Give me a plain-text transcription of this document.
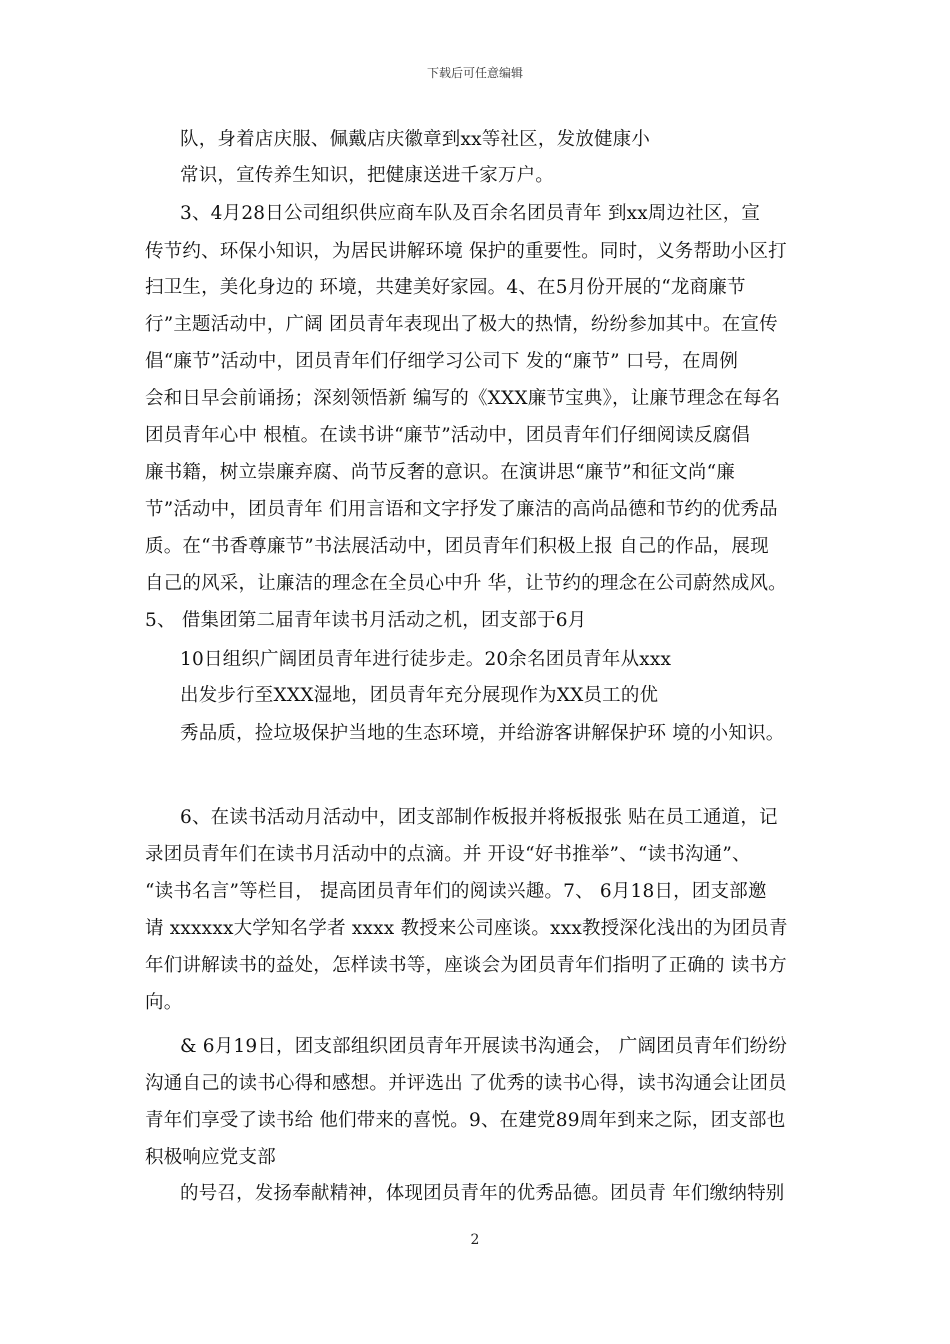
下载后可任意编辑
队，身着店庆服、佩戴店庆徽章到xx等社区，发放健康小
常识，宣传养生知识，把健康送进千家万户。
3、4月28日公司组织供应商车队及百余名团员青年 到xx周边社区，宣
传节约、环保小知识，为居民讲解环境 保护的重要性。同时，义务帮助小区打
扫卫生，美化身边的 环境，共建美好家园。4、在5月份开展的“龙商廉节
行”主题活动中，广阔 团员青年表现出了极大的热情，纷纷参加其中。在宣传
倡“廉节”活动中，团员青年们仔细学习公司下 发的“廉节” 口号，在周例
会和日早会前诵扬；深刻领悟新 编写的《XXX廉节宝典》，让廉节理念在每名
团员青年心中 根植。在读书讲“廉节”活动中，团员青年们仔细阅读反腐倡
廉书籍，树立崇廉弃腐、尚节反奢的意识。在演讲思“廉节”和征文尚“廉
节”活动中，团员青年 们用言语和文字抒发了廉洁的高尚品德和节约的优秀品
质。在“书香尊廉节”书法展活动中，团员青年们积极上报 自己的作品，展现
自己的风采，让廉洁的理念在全员心中升 华，让节约的理念在公司蔚然成风。
5、 借集团第二届青年读书月活动之机，团支部于6月
10日组织广阔团员青年进行徒步走。20余名团员青年从xxx
出发步行至XXX湿地，团员青年充分展现作为XX员工的优
秀品质，捡垃圾保护当地的生态环境，并给游客讲解保护环 境的小知识。
6、在读书活动月活动中，团支部制作板报并将板报张 贴在员工通道，记
录团员青年们在读书月活动中的点滴。并 开设“好书推举”、“读书沟通”、
“读书名言”等栏目， 提高团员青年们的阅读兴趣。7、 6月18日，团支部邀
请 xxxxxx大学知名学者 xxxx 教授来公司座谈。xxx教授深化浅出的为团员青
年们讲解读书的益处，怎样读书等，座谈会为团员青年们指明了正确的 读书方
向。
& 6月19日，团支部组织团员青年开展读书沟通会， 广阔团员青年们纷纷
沟通自己的读书心得和感想。并评选出 了优秀的读书心得，读书沟通会让团员
青年们享受了读书给 他们带来的喜悦。9、在建党89周年到来之际，团支部也
积极响应党支部
的号召，发扬奉献精神，体现团员青年的优秀品德。团员青 年们缴纳特别
2
